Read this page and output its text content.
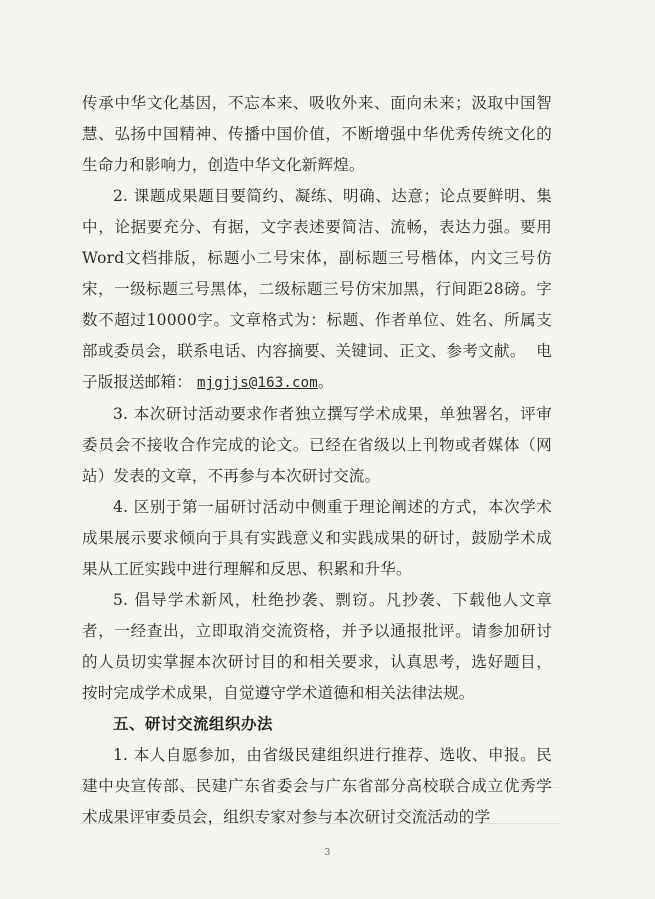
传承中华文化基因，不忘本来、吸收外来、面向未来；汲取中国智慧、弘扬中国精神、传播中国价值，不断增强中华优秀传统文化的生命力和影响力，创造中华文化新辉煌。

2. 课题成果题目要简约、凝练、明确、达意；论点要鲜明、集中，论据要充分、有据，文字表述要简洁、流畅，表达力强。要用Word文档排版，标题小二号宋体，副标题三号楷体，内文三号仿宋，一级标题三号黑体，二级标题三号仿宋加黑，行间距28磅。字数不超过10000字。文章格式为：标题、作者单位、姓名、所属支部或委员会，联系电话、内容摘要、关键词、正文、参考文献。 电子版报送邮箱： mjgjjs@163.com。

3. 本次研讨活动要求作者独立撰写学术成果，单独署名，评审委员会不接收合作完成的论文。已经在省级以上刊物或者媒体（网站）发表的文章，不再参与本次研讨交流。

4. 区别于第一届研讨活动中侧重于理论阐述的方式，本次学术成果展示要求倾向于具有实践意义和实践成果的研讨，鼓励学术成果从工匠实践中进行理解和反思、积累和升华。

5. 倡导学术新风，杜绝抄袭、剽窃。凡抄袭、下载他人文章者，一经查出，立即取消交流资格，并予以通报批评。请参加研讨的人员切实掌握本次研讨目的和相关要求，认真思考，选好题目，按时完成学术成果，自觉遵守学术道德和相关法律法规。

五、研讨交流组织办法

1. 本人自愿参加，由省级民建组织进行推荐、选收、申报。民建中央宣传部、民建广东省委会与广东省部分高校联合成立优秀学术成果评审委员会，组织专家对参与本次研讨交流活动的学

3
